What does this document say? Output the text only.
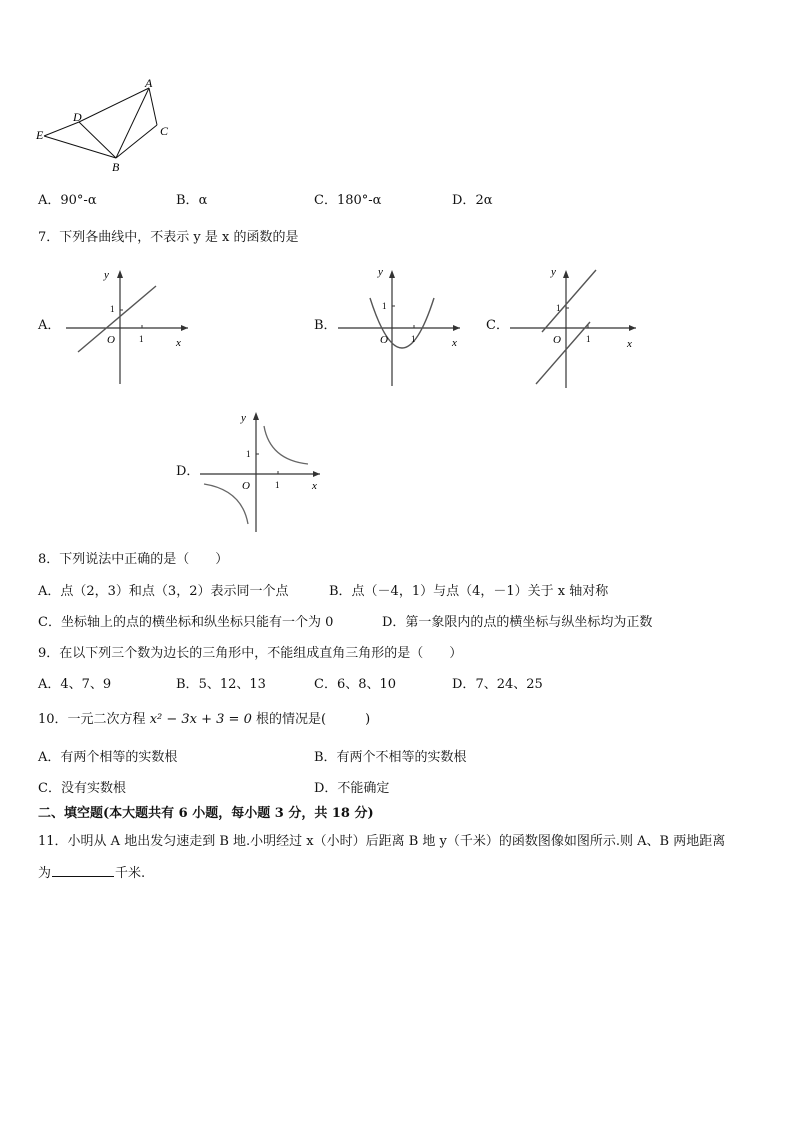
A
D
E	C
B
A．90°-α	B．α	C．180°-α	D．2α
7．下列各曲线中，不表示 y 是 x 的函数的是
A．	B．	C．
D．
y
x
O	1
1
y
x
O	1
1
y
x
O	1
1
y
x
O	1
1
8．下列说法中正确的是（　　）
A．点（2，3）和点（3，2）表示同一个点	B．点（－4，1）与点（4，－1）关于 x 轴对称
C．坐标轴上的点的横坐标和纵坐标只能有一个为 0	D．第一象限内的点的横坐标与纵坐标均为正数
9．在以下列三个数为边长的三角形中，不能组成直角三角形的是（　　）
A．4、7、9	B．5、12、13	C．6、8、10	D．7、24、25
10．一元二次方程 x² − 3x + 3 = 0 根的情况是(　　　)
A．有两个相等的实数根	B．有两个不相等的实数根
C．没有实数根	D．不能确定
二、填空题(本大题共有 6 小题，每小题 3 分，共 18 分)
11．小明从 A 地出发匀速走到 B 地.小明经过 x（小时）后距离 B 地 y（千米）的函数图像如图所示.则 A、B 两地距离
为	千米.
